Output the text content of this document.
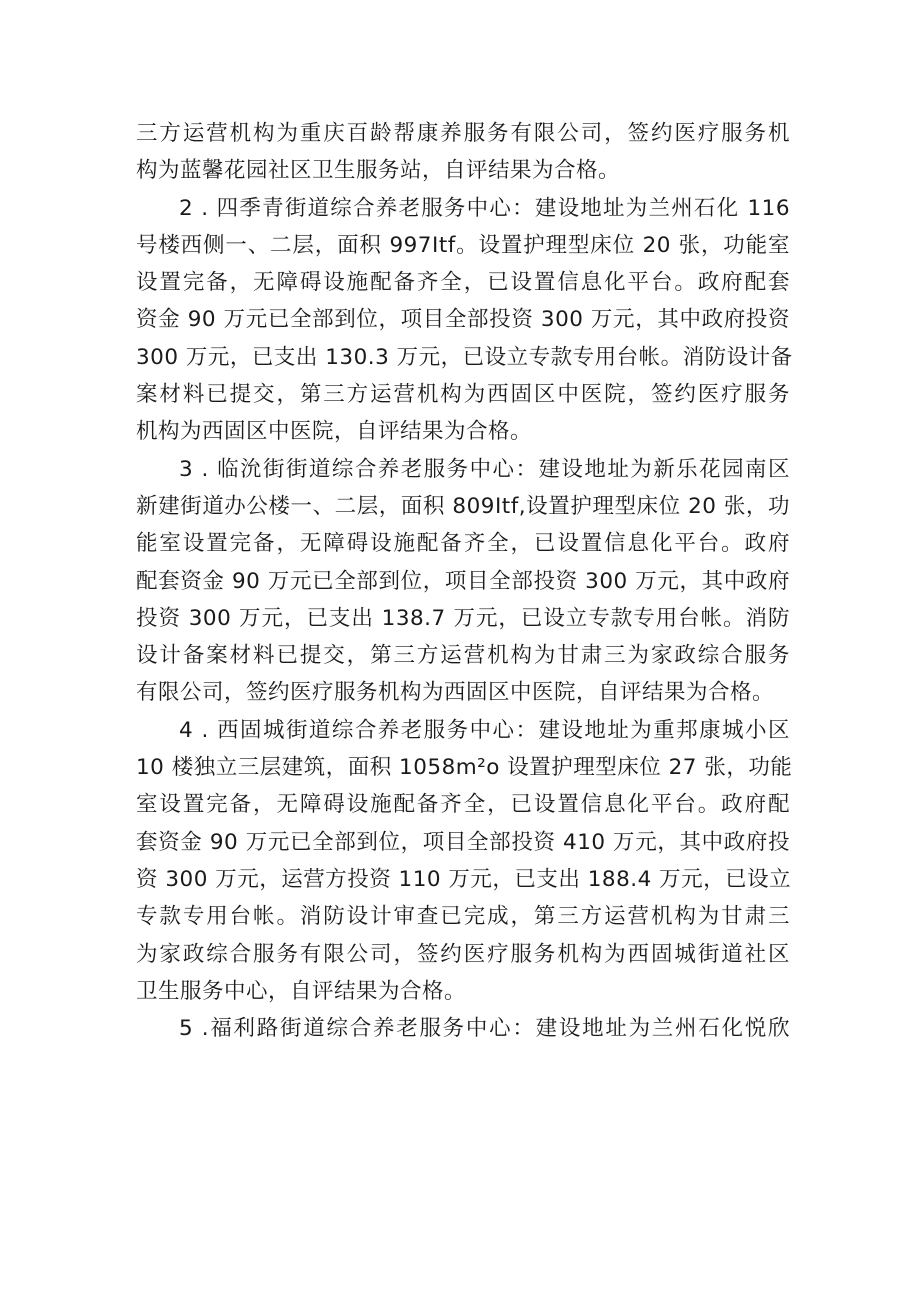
三方运营机构为重庆百龄帮康养服务有限公司，签约医疗服务机
构为蓝馨花园社区卫生服务站，自评结果为合格。
2 . 四季青街道综合养老服务中心：建设地址为兰州石化 116
号楼西侧一、二层，面积 997Itf。设置护理型床位 20 张，功能室
设置完备，无障碍设施配备齐全，已设置信息化平台。政府配套
资金 90 万元已全部到位，项目全部投资 300 万元，其中政府投资
300 万元，已支出 130.3 万元，已设立专款专用台帐。消防设计备
案材料已提交，第三方运营机构为西固区中医院，签约医疗服务
机构为西固区中医院，自评结果为合格。
3 . 临沇街街道综合养老服务中心：建设地址为新乐花园南区
新建街道办公楼一、二层，面积 809Itf,设置护理型床位 20 张，功
能室设置完备，无障碍设施配备齐全，已设置信息化平台。政府
配套资金 90 万元已全部到位，项目全部投资 300 万元，其中政府
投资 300 万元，已支出 138.7 万元，已设立专款专用台帐。消防
设计备案材料已提交，第三方运营机构为甘肃三为家政综合服务
有限公司，签约医疗服务机构为西固区中医院，自评结果为合格。
4 . 西固城街道综合养老服务中心：建设地址为重邦康城小区
10 楼独立三层建筑，面积 1058m²o 设置护理型床位 27 张，功能
室设置完备，无障碍设施配备齐全，已设置信息化平台。政府配
套资金 90 万元已全部到位，项目全部投资 410 万元，其中政府投
资 300 万元，运营方投资 110 万元，已支出 188.4 万元，已设立
专款专用台帐。消防设计审查已完成，第三方运营机构为甘肃三
为家政综合服务有限公司，签约医疗服务机构为西固城街道社区
卫生服务中心，自评结果为合格。
5 .福利路街道综合养老服务中心：建设地址为兰州石化悦欣
